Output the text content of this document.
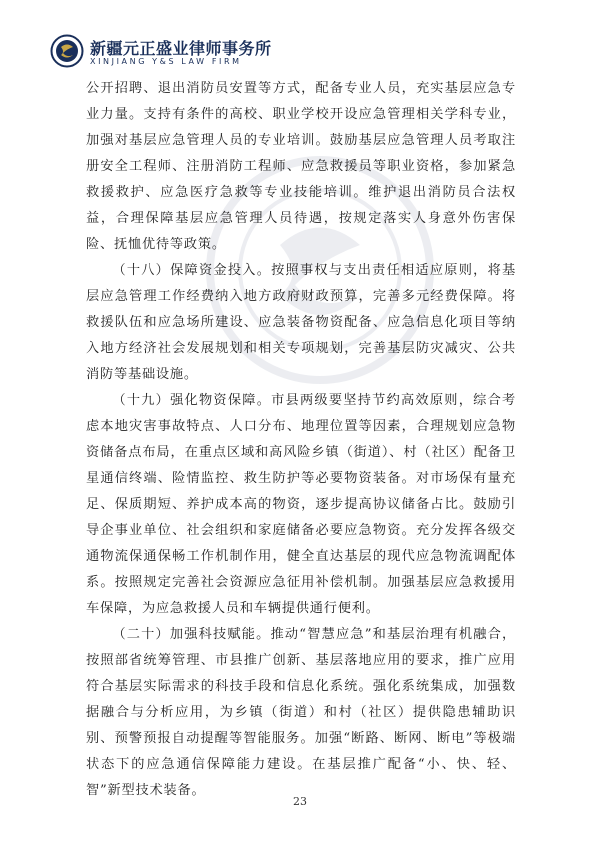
新疆元正盛业律师事务所
XINJIANG Y&S LAW FIRM

公开招聘、退出消防员安置等方式，配备专业人员，充实基层应急专业力量。支持有条件的高校、职业学校开设应急管理相关学科专业，加强对基层应急管理人员的专业培训。鼓励基层应急管理人员考取注册安全工程师、注册消防工程师、应急救援员等职业资格，参加紧急救援救护、应急医疗急救等专业技能培训。维护退出消防员合法权益，合理保障基层应急管理人员待遇，按规定落实人身意外伤害保险、抚恤优待等政策。

（十八）保障资金投入。按照事权与支出责任相适应原则，将基层应急管理工作经费纳入地方政府财政预算，完善多元经费保障。将救援队伍和应急场所建设、应急装备物资配备、应急信息化项目等纳入地方经济社会发展规划和相关专项规划，完善基层防灾减灾、公共消防等基础设施。

（十九）强化物资保障。市县两级要坚持节约高效原则，综合考虑本地灾害事故特点、人口分布、地理位置等因素，合理规划应急物资储备点布局，在重点区域和高风险乡镇（街道）、村（社区）配备卫星通信终端、险情监控、救生防护等必要物资装备。对市场保有量充足、保质期短、养护成本高的物资，逐步提高协议储备占比。鼓励引导企事业单位、社会组织和家庭储备必要应急物资。充分发挥各级交通物流保通保畅工作机制作用，健全直达基层的现代应急物流调配体系。按照规定完善社会资源应急征用补偿机制。加强基层应急救援用车保障，为应急救援人员和车辆提供通行便利。

（二十）加强科技赋能。推动“智慧应急”和基层治理有机融合，按照部省统筹管理、市县推广创新、基层落地应用的要求，推广应用符合基层实际需求的科技手段和信息化系统。强化系统集成，加强数据融合与分析应用，为乡镇（街道）和村（社区）提供隐患辅助识别、预警预报自动提醒等智能服务。加强“断路、断网、断电”等极端状态下的应急通信保障能力建设。在基层推广配备“小、快、轻、智”新型技术装备。

23
